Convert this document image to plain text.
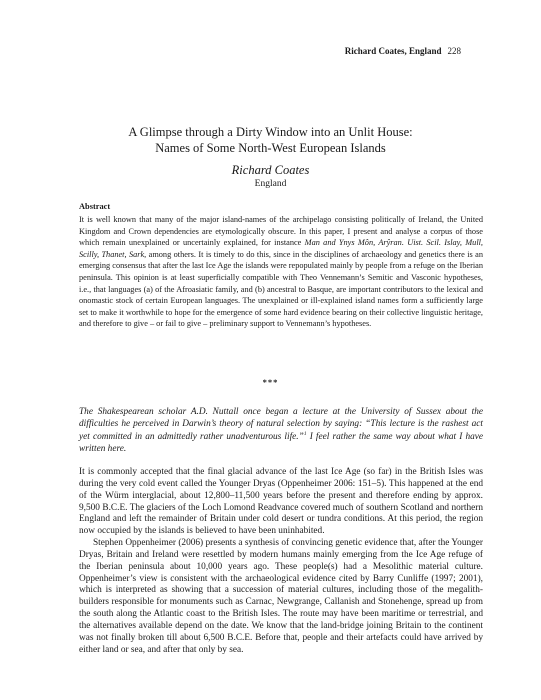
Richard Coates, England 228
A Glimpse through a Dirty Window into an Unlit House:
Names of Some North-West European Islands
Richard Coates
England
Abstract
It is well known that many of the major island-names of the archipelago consisting politically of Ireland, the United Kingdom and Crown dependencies are etymologically obscure. In this paper, I present and analyse a corpus of those which remain unexplained or uncertainly explained, for instance Man and Ynys Môn, Arŷran. Uist. Scil. Islay, Mull, Scilly, Thanet, Sark, among others. It is timely to do this, since in the disciplines of archaeology and genetics there is an emerging consensus that after the last Ice Age the islands were repopulated mainly by people from a refuge on the Iberian peninsula. This opinion is at least superficially compatible with Theo Vennemann’s Semitic and Vasconic hypotheses, i.e., that languages (a) of the Afroasiatic family, and (b) ancestral to Basque, are important contributors to the lexical and onomastic stock of certain European languages. The unexplained or ill-explained island names form a sufficiently large set to make it worthwhile to hope for the emergence of some hard evidence bearing on their collective linguistic heritage, and therefore to give – or fail to give – preliminary support to Vennemann’s hypotheses.
***
The Shakespearean scholar A.D. Nuttall once began a lecture at the University of Sussex about the difficulties he perceived in Darwin’s theory of natural selection by saying: “This lecture is the rashest act yet committed in an admittedly rather unadventurous life.”$^1$ I feel rather the same way about what I have written here.

It is commonly accepted that the final glacial advance of the last Ice Age (so far) in the British Isles was during the very cold event called the Younger Dryas (Oppenheimer 2006: 151–5). This happened at the end of the Würm interglacial, about 12,800–11,500 years before the present and therefore ending by approx. 9,500 B.C.E. The glaciers of the Loch Lomond Readvance covered much of southern Scotland and northern England and left the remainder of Britain under cold desert or tundra conditions. At this period, the region now occupied by the islands is believed to have been uninhabited.

Stephen Oppenheimer (2006) presents a synthesis of convincing genetic evidence that, after the Younger Dryas, Britain and Ireland were resettled by modern humans mainly emerging from the Ice Age refuge of the Iberian peninsula about 10,000 years ago. These people(s) had a Mesolithic material culture. Oppenheimer’s view is consistent with the archaeological evidence cited by Barry Cunliffe (1997; 2001), which is interpreted as showing that a succession of material cultures, including those of the megalith-builders responsible for monuments such as Carnac, Newgrange, Callanish and Stonehenge, spread up from the south along the Atlantic coast to the British Isles. The route may have been maritime or terrestrial, and the alternatives available depend on the date. We know that the land-bridge joining Britain to the continent was not finally broken till about 6,500 B.C.E. Before that, people and their artefacts could have arrived by either land or sea, and after that only by sea.
